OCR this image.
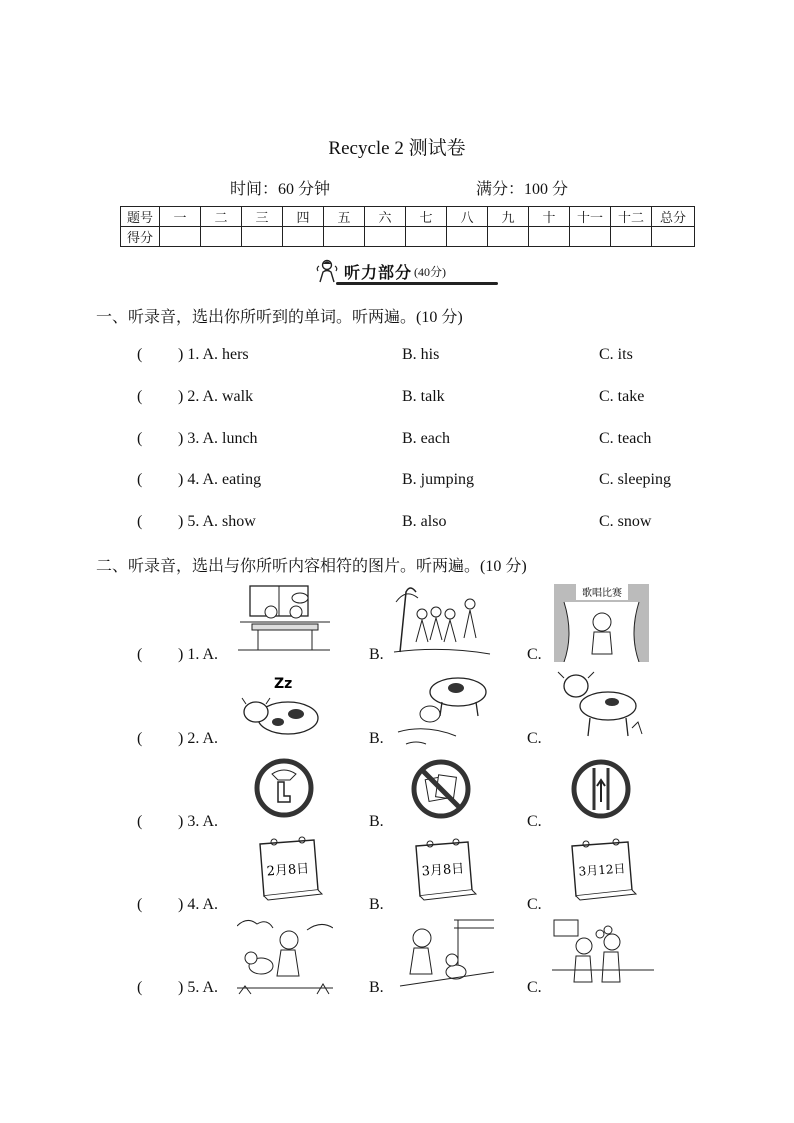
Recycle 2 测试卷
时间：60 分钟	满分：100 分
题号	一	二	三	四	五	六	七	八	九	十	十一	十二	总分
得分													
听力部分 (40分)
一、听录音，选出你所听到的单词。听两遍。(10 分)
( ) 1. A. hers	B. his	C. its
( ) 2. A. walk	B. talk	C. take
( ) 3. A. lunch	B. each	C. teach
( ) 4. A. eating	B. jumping	C. sleeping
( ) 5. A. show	B. also	C. snow
二、听录音，选出与你所听内容相符的图片。听两遍。(10 分)
( ) 1. A.	B.	C.
( ) 2. A.	B.	C.
( ) 3. A.	B.	C.
( ) 4. A.	B.	C.
( ) 5. A.	B.	C.
歌唱比赛
Zz
2月8日	3月8日	3月12日
